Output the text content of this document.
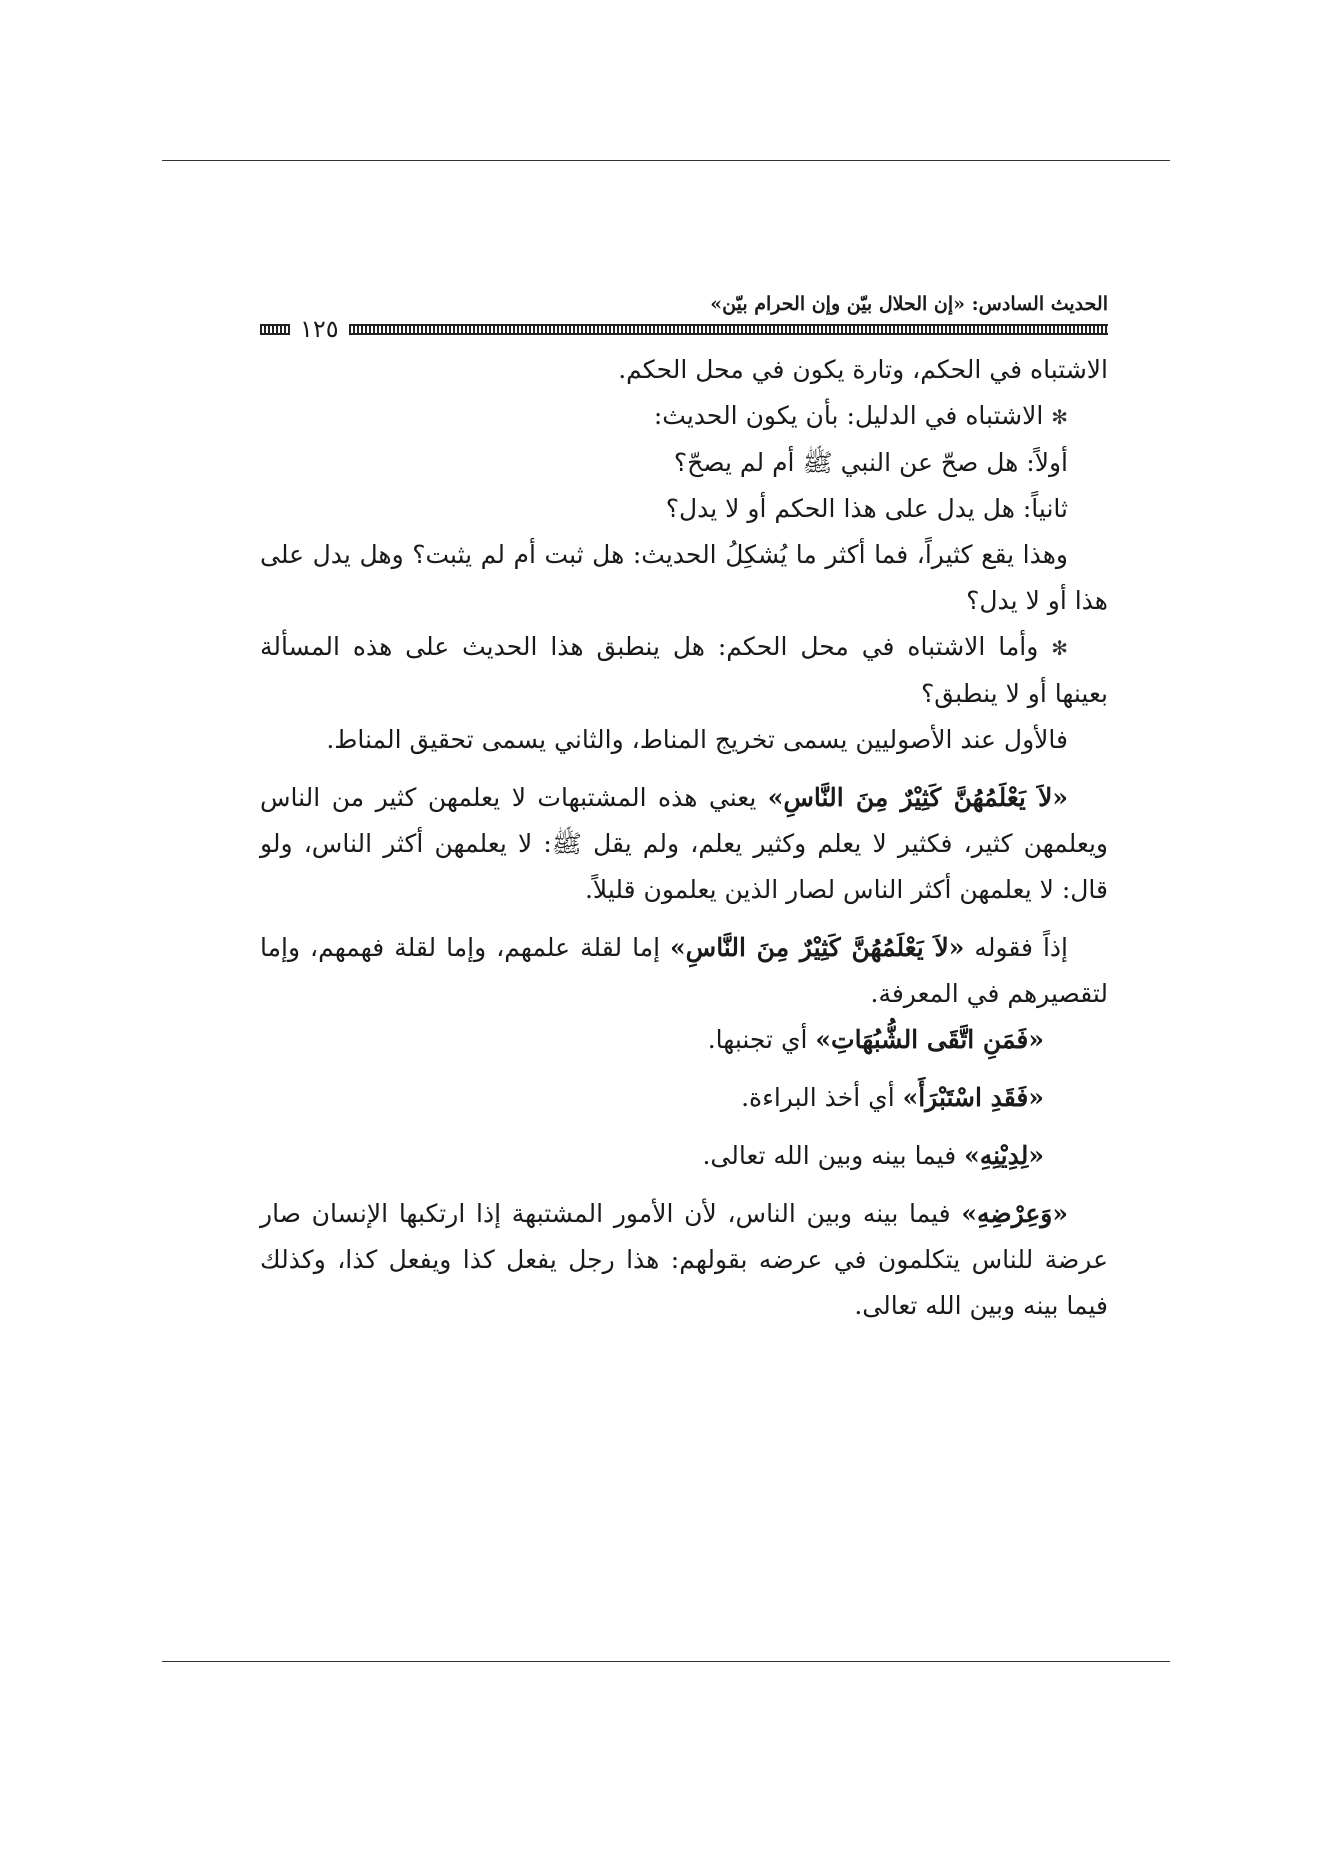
الحديث السادس: «إن الحلال بيّن وإن الحرام بيّن»
١٢٥

الاشتباه في الحكم، وتارة يكون في محل الحكم.

✻ الاشتباه في الدليل: بأن يكون الحديث:

أولاً: هل صحّ عن النبي ﷺ أم لم يصحّ؟

ثانياً: هل يدل على هذا الحكم أو لا يدل؟

وهذا يقع كثيراً، فما أكثر ما يُشكِلُ الحديث: هل ثبت أم لم يثبت؟ وهل يدل على هذا أو لا يدل؟

✻ وأما الاشتباه في محل الحكم: هل ينطبق هذا الحديث على هذه المسألة بعينها أو لا ينطبق؟

فالأول عند الأصوليين يسمى تخريج المناط، والثاني يسمى تحقيق المناط.

«لاَ يَعْلَمُهُنَّ كَثِيْرٌ مِنَ النَّاسِ» يعني هذه المشتبهات لا يعلمهن كثير من الناس ويعلمهن كثير، فكثير لا يعلم وكثير يعلم، ولم يقل ﷺ: لا يعلمهن أكثر الناس، ولو قال: لا يعلمهن أكثر الناس لصار الذين يعلمون قليلاً.

إذاً فقوله «لاَ يَعْلَمُهُنَّ كَثِيْرٌ مِنَ النَّاسِ» إما لقلة علمهم، وإما لقلة فهمهم، وإما لتقصيرهم في المعرفة.

«فَمَنِ اتَّقَى الشُّبُهَاتِ» أي تجنبها.

«فَقَدِ اسْتَبْرَأَ» أي أخذ البراءة.

«لِدِيْنِهِ» فيما بينه وبين الله تعالى.

«وَعِرْضِهِ» فيما بينه وبين الناس، لأن الأمور المشتبهة إذا ارتكبها الإنسان صار عرضة للناس يتكلمون في عرضه بقولهم: هذا رجل يفعل كذا ويفعل كذا، وكذلك فيما بينه وبين الله تعالى.
